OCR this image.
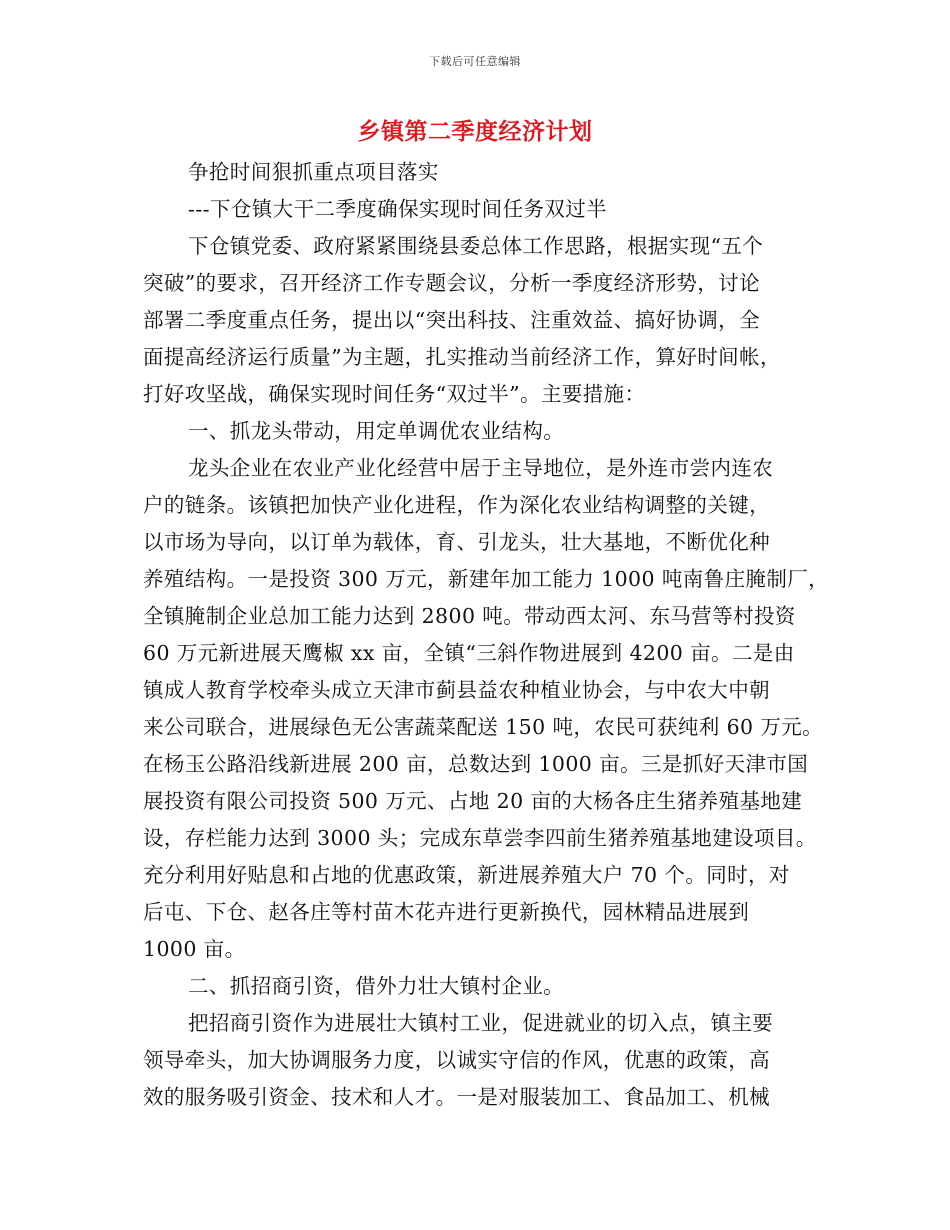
下载后可任意编辑
乡镇第二季度经济计划
争抢时间狠抓重点项目落实
---下仓镇大干二季度确保实现时间任务双过半
下仓镇党委、政府紧紧围绕县委总体工作思路，根据实现“五个
突破”的要求，召开经济工作专题会议，分析一季度经济形势，讨论
部署二季度重点任务，提出以“突出科技、注重效益、搞好协调，全
面提高经济运行质量”为主题，扎实推动当前经济工作，算好时间帐，
打好攻坚战，确保实现时间任务“双过半”。主要措施：
一、抓龙头带动，用定单调优农业结构。
龙头企业在农业产业化经营中居于主导地位，是外连市尝内连农
户的链条。该镇把加快产业化进程，作为深化农业结构调整的关键，
以市场为导向，以订单为载体，育、引龙头，壮大基地，不断优化种
养殖结构。一是投资 300 万元，新建年加工能力 1000 吨南鲁庄腌制厂，
全镇腌制企业总加工能力达到 2800 吨。带动西太河、东马营等村投资
60 万元新进展天鹰椒 xx 亩，全镇“三斜作物进展到 4200 亩。二是由
镇成人教育学校牵头成立天津市蓟县益农种植业协会，与中农大中朝
来公司联合，进展绿色无公害蔬菜配送 150 吨，农民可获纯利 60 万元。
在杨玉公路沿线新进展 200 亩，总数达到 1000 亩。三是抓好天津市国
展投资有限公司投资 500 万元、占地 20 亩的大杨各庄生猪养殖基地建
设，存栏能力达到 3000 头；完成东草尝李四前生猪养殖基地建设项目。
充分利用好贴息和占地的优惠政策，新进展养殖大户 70 个。同时，对
后屯、下仓、赵各庄等村苗木花卉进行更新换代，园林精品进展到
1000 亩。
二、抓招商引资，借外力壮大镇村企业。
把招商引资作为进展壮大镇村工业，促进就业的切入点，镇主要
领导牵头，加大协调服务力度，以诚实守信的作风，优惠的政策，高
效的服务吸引资金、技术和人才。一是对服装加工、食品加工、机械
